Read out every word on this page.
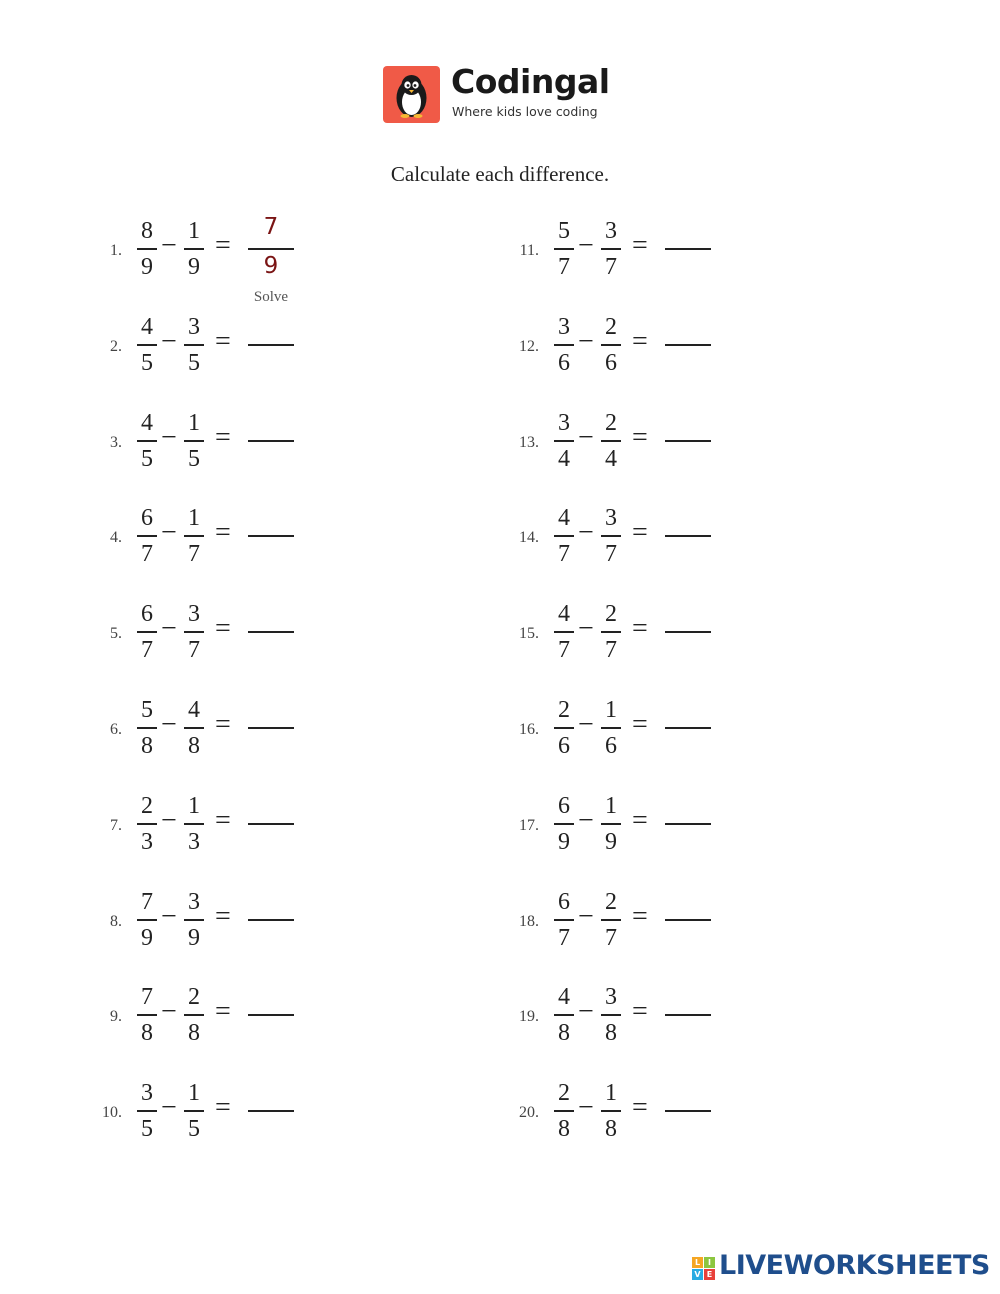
Codingal
Where kids love coding
Calculate each difference.
1.
8
9
− 1
9
=
7
9
Solve
2.
4
5
− 3
5
=
3.
4
5
− 1
5
=
4.
6
7
− 1
7
=
5.
6
7
− 3
7
=
6.
5
8
− 4
8
=
7.
2
3
− 1
3
=
8.
7
9
− 3
9
=
9.
7
8
− 2
8
=
10.
3
5
− 1
5
=
11.
5
7
− 3
7
=
12.
3
6
− 2
6
=
13.
3
4
− 2
4
=
14.
4
7
− 3
7
=
15.
4
7
− 2
7
=
16.
2
6
− 1
6
=
17.
6
9
− 1
9
=
18.
6
7
− 2
7
=
19.
4
8
− 3
8
=
20.
2
8
− 1
8
=
L I
V E LIVEWORKSHEETS
